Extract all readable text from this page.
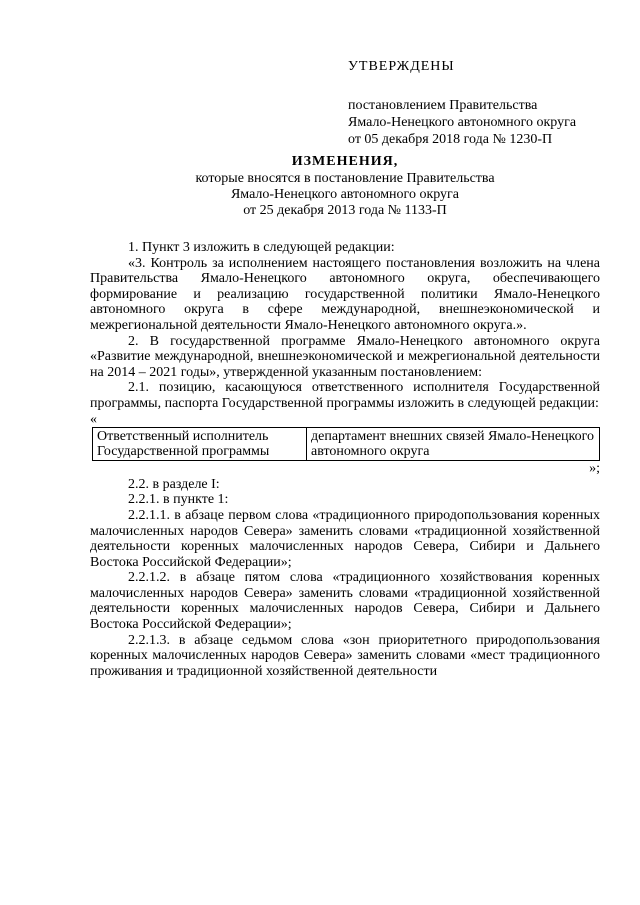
УТВЕРЖДЕНЫ
постановлением Правительства
Ямало-Ненецкого автономного округа
от 05 декабря 2018 года № 1230-П
ИЗМЕНЕНИЯ,
которые вносятся в постановление Правительства
Ямало-Ненецкого автономного округа
от 25 декабря 2013 года № 1133-П

1. Пункт 3 изложить в следующей редакции:

«3. Контроль за исполнением настоящего постановления возложить на члена Правительства Ямало-Ненецкого автономного округа, обеспечивающего формирование и реализацию государственной политики Ямало-Ненецкого автономного округа в сфере международной, внешнеэкономической и межрегиональной деятельности Ямало-Ненецкого автономного округа.».

2. В государственной программе Ямало-Ненецкого автономного округа «Развитие международной, внешнеэкономической и межрегиональной деятельности на 2014 – 2021 годы», утвержденной указанным постановлением:

2.1. позицию, касающуюся ответственного исполнителя Государственной программы, паспорта Государственной программы изложить в следующей редакции:

«

Ответственный исполнитель Государственной программы	департамент внешних связей Ямало-Ненецкого автономного округа

»;

2.2. в разделе I:

2.2.1. в пункте 1:

2.2.1.1. в абзаце первом слова «традиционного природопользования коренных малочисленных народов Севера» заменить словами «традиционной хозяйственной деятельности коренных малочисленных народов Севера, Сибири и Дальнего Востока Российской Федерации»;

2.2.1.2. в абзаце пятом слова «традиционного хозяйствования коренных малочисленных народов Севера» заменить словами «традиционной хозяйственной деятельности коренных малочисленных народов Севера, Сибири и Дальнего Востока Российской Федерации»;

2.2.1.3. в абзаце седьмом слова «зон приоритетного природопользования коренных малочисленных народов Севера» заменить словами «мест традиционного проживания и традиционной хозяйственной деятельности
